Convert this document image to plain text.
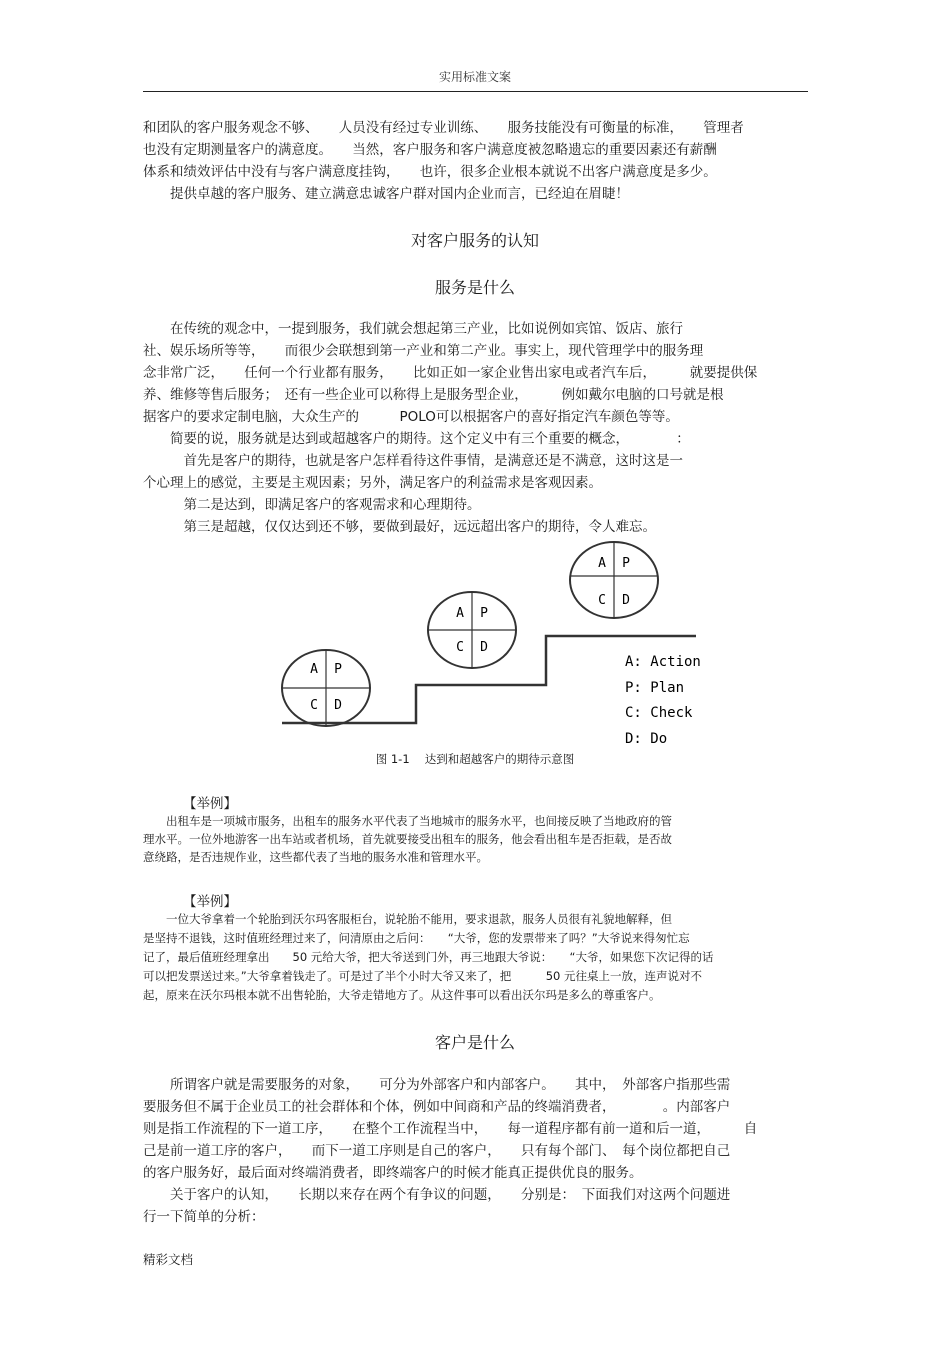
实用标准文案
和团队的客户服务观念不够、　　人员没有经过专业训练、　　服务技能没有可衡量的标准，　　管理者
也没有定期测量客户的满意度。　　当然，客户服务和客户满意度被忽略遗忘的重要因素还有薪酬
体系和绩效评估中没有与客户满意度挂钩，　　也许，很多企业根本就说不出客户满意度是多少。
　　提供卓越的客户服务、建立满意忠诚客户群对国内企业而言，已经迫在眉睫！
对客户服务的认知
服务是什么
　　在传统的观念中，一提到服务，我们就会想起第三产业，比如说例如宾馆、饭店、旅行
社、娱乐场所等等，　　而很少会联想到第一产业和第二产业。事实上，现代管理学中的服务理
念非常广泛，　　任何一个行业都有服务，　　比如正如一家企业售出家电或者汽车后，　　　就要提供保
养、维修等售后服务；　还有一些企业可以称得上是服务型企业，　　　例如戴尔电脑的口号就是根
据客户的要求定制电脑，大众生产的　　　POLO可以根据客户的喜好指定汽车颜色等等。
　　简要的说，服务就是达到或超越客户的期待。这个定义中有三个重要的概念，　　　　：
　　　首先是客户的期待，也就是客户怎样看待这件事情，是满意还是不满意，这时这是一
个心理上的感觉，主要是主观因素；另外，满足客户的利益需求是客观因素。
　　　第二是达到，即满足客户的客观需求和心理期待。
　　　第三是超越，仅仅达到还不够，要做到最好，远远超出客户的期待，令人难忘。
A P
C D
A P
C D
A P
C D
A: Action
P: Plan
C: Check
D: Do
图 1-1　 达到和超越客户的期待示意图
【举例】
　　出租车是一项城市服务，出租车的服务水平代表了当地城市的服务水平，也间接反映了当地政府的管
理水平。一位外地游客一出车站或者机场，首先就要接受出租车的服务，他会看出租车是否拒载，是否故
意绕路，是否违规作业，这些都代表了当地的服务水准和管理水平。
【举例】
　　一位大爷拿着一个轮胎到沃尔玛客服柜台，说轮胎不能用，要求退款，服务人员很有礼貌地解释，但
是坚持不退钱，这时值班经理过来了，问清原由之后问：　　“大爷，您的发票带来了吗？”大爷说来得匆忙忘
记了，最后值班经理拿出　　50 元给大爷，把大爷送到门外，再三地跟大爷说：　　“大爷，如果您下次记得的话
可以把发票送过来。”大爷拿着钱走了。可是过了半个小时大爷又来了，把　　　50 元往桌上一放，连声说对不
起，原来在沃尔玛根本就不出售轮胎，大爷走错地方了。从这件事可以看出沃尔玛是多么的尊重客户。
客户是什么
　　所谓客户就是需要服务的对象，　　可分为外部客户和内部客户。　　其中，　外部客户指那些需
要服务但不属于企业员工的社会群体和个体，例如中间商和产品的终端消费者，　　　　。内部客户
则是指工作流程的下一道工序，　　在整个工作流程当中，　　每一道程序都有前一道和后一道，　　　自
己是前一道工序的客户，　　而下一道工序则是自己的客户，　　只有每个部门、　每个岗位都把自己
的客户服务好，最后面对终端消费者，即终端客户的时候才能真正提供优良的服务。
　　关于客户的认知，　　长期以来存在两个有争议的问题，　　分别是：　下面我们对这两个问题进
行一下简单的分析：
精彩文档
